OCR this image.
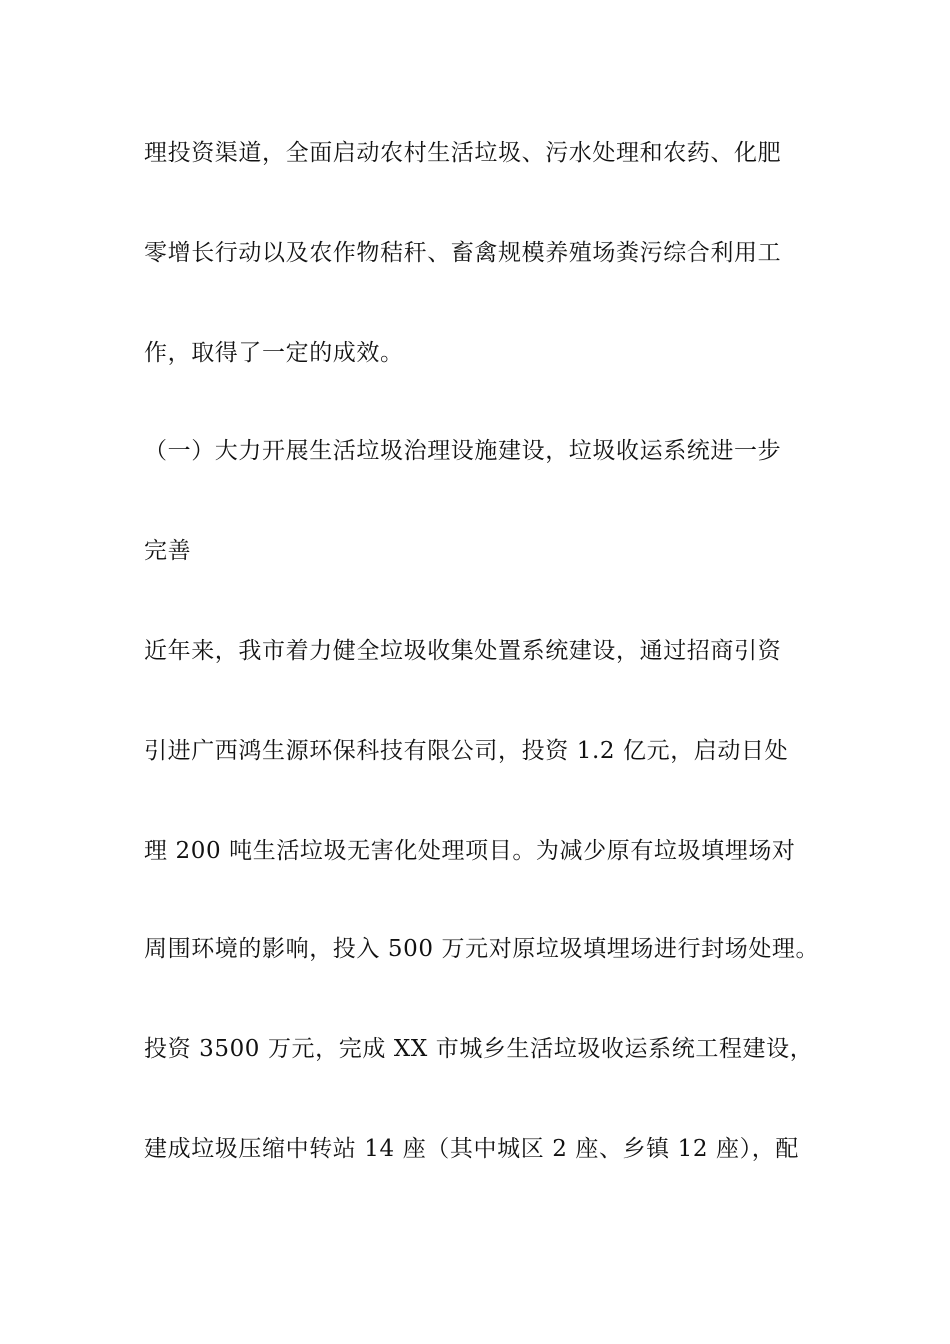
理投资渠道，全面启动农村生活垃圾、污水处理和农药、化肥
零增长行动以及农作物秸秆、畜禽规模养殖场粪污综合利用工
作，取得了一定的成效。
（一）大力开展生活垃圾治理设施建设，垃圾收运系统进一步
完善
近年来，我市着力健全垃圾收集处置系统建设，通过招商引资
引进广西鸿生源环保科技有限公司，投资 1.2 亿元，启动日处
理 200 吨生活垃圾无害化处理项目。为减少原有垃圾填埋场对
周围环境的影响，投入 500 万元对原垃圾填埋场进行封场处理。
投资 3500 万元，完成 XX 市城乡生活垃圾收运系统工程建设，
建成垃圾压缩中转站 14 座（其中城区 2 座、乡镇 12 座），配
